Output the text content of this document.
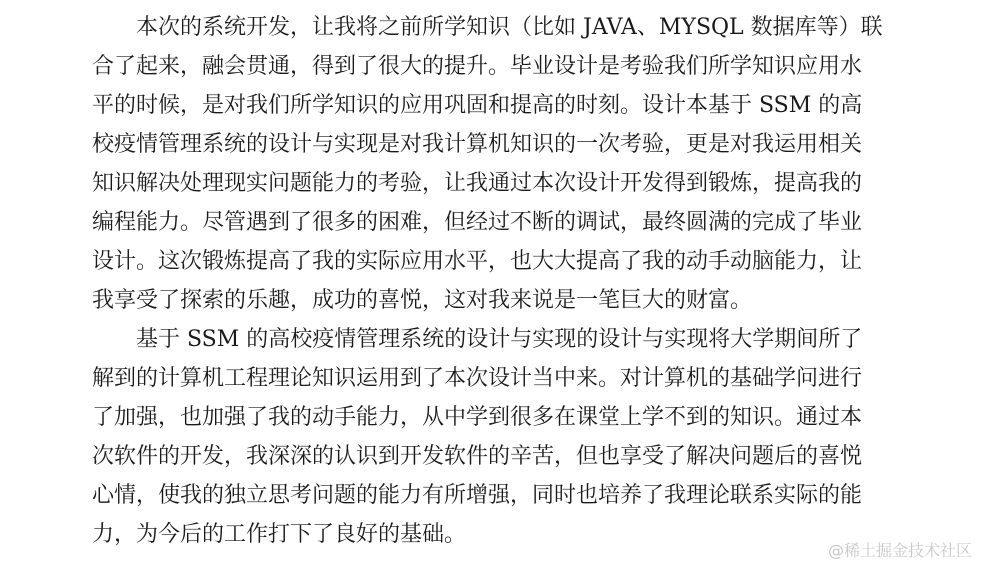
本次的系统开发，让我将之前所学知识（比如 JAVA、MYSQL 数据库等）联

合了起来，融会贯通，得到了很大的提升。毕业设计是考验我们所学知识应用水

平的时候，是对我们所学知识的应用巩固和提高的时刻。设计本基于 SSM 的高

校疫情管理系统的设计与实现是对我计算机知识的一次考验，更是对我运用相关

知识解决处理现实问题能力的考验，让我通过本次设计开发得到锻炼，提高我的

编程能力。尽管遇到了很多的困难，但经过不断的调试，最终圆满的完成了毕业

设计。这次锻炼提高了我的实际应用水平，也大大提高了我的动手动脑能力，让

我享受了探索的乐趣，成功的喜悦，这对我来说是一笔巨大的财富。

基于 SSM 的高校疫情管理系统的设计与实现的设计与实现将大学期间所了

解到的计算机工程理论知识运用到了本次设计当中来。对计算机的基础学问进行

了加强，也加强了我的动手能力，从中学到很多在课堂上学不到的知识。通过本

次软件的开发，我深深的认识到开发软件的辛苦，但也享受了解决问题后的喜悦

心情，使我的独立思考问题的能力有所增强，同时也培养了我理论联系实际的能

力，为今后的工作打下了良好的基础。

@稀土掘金技术社区
